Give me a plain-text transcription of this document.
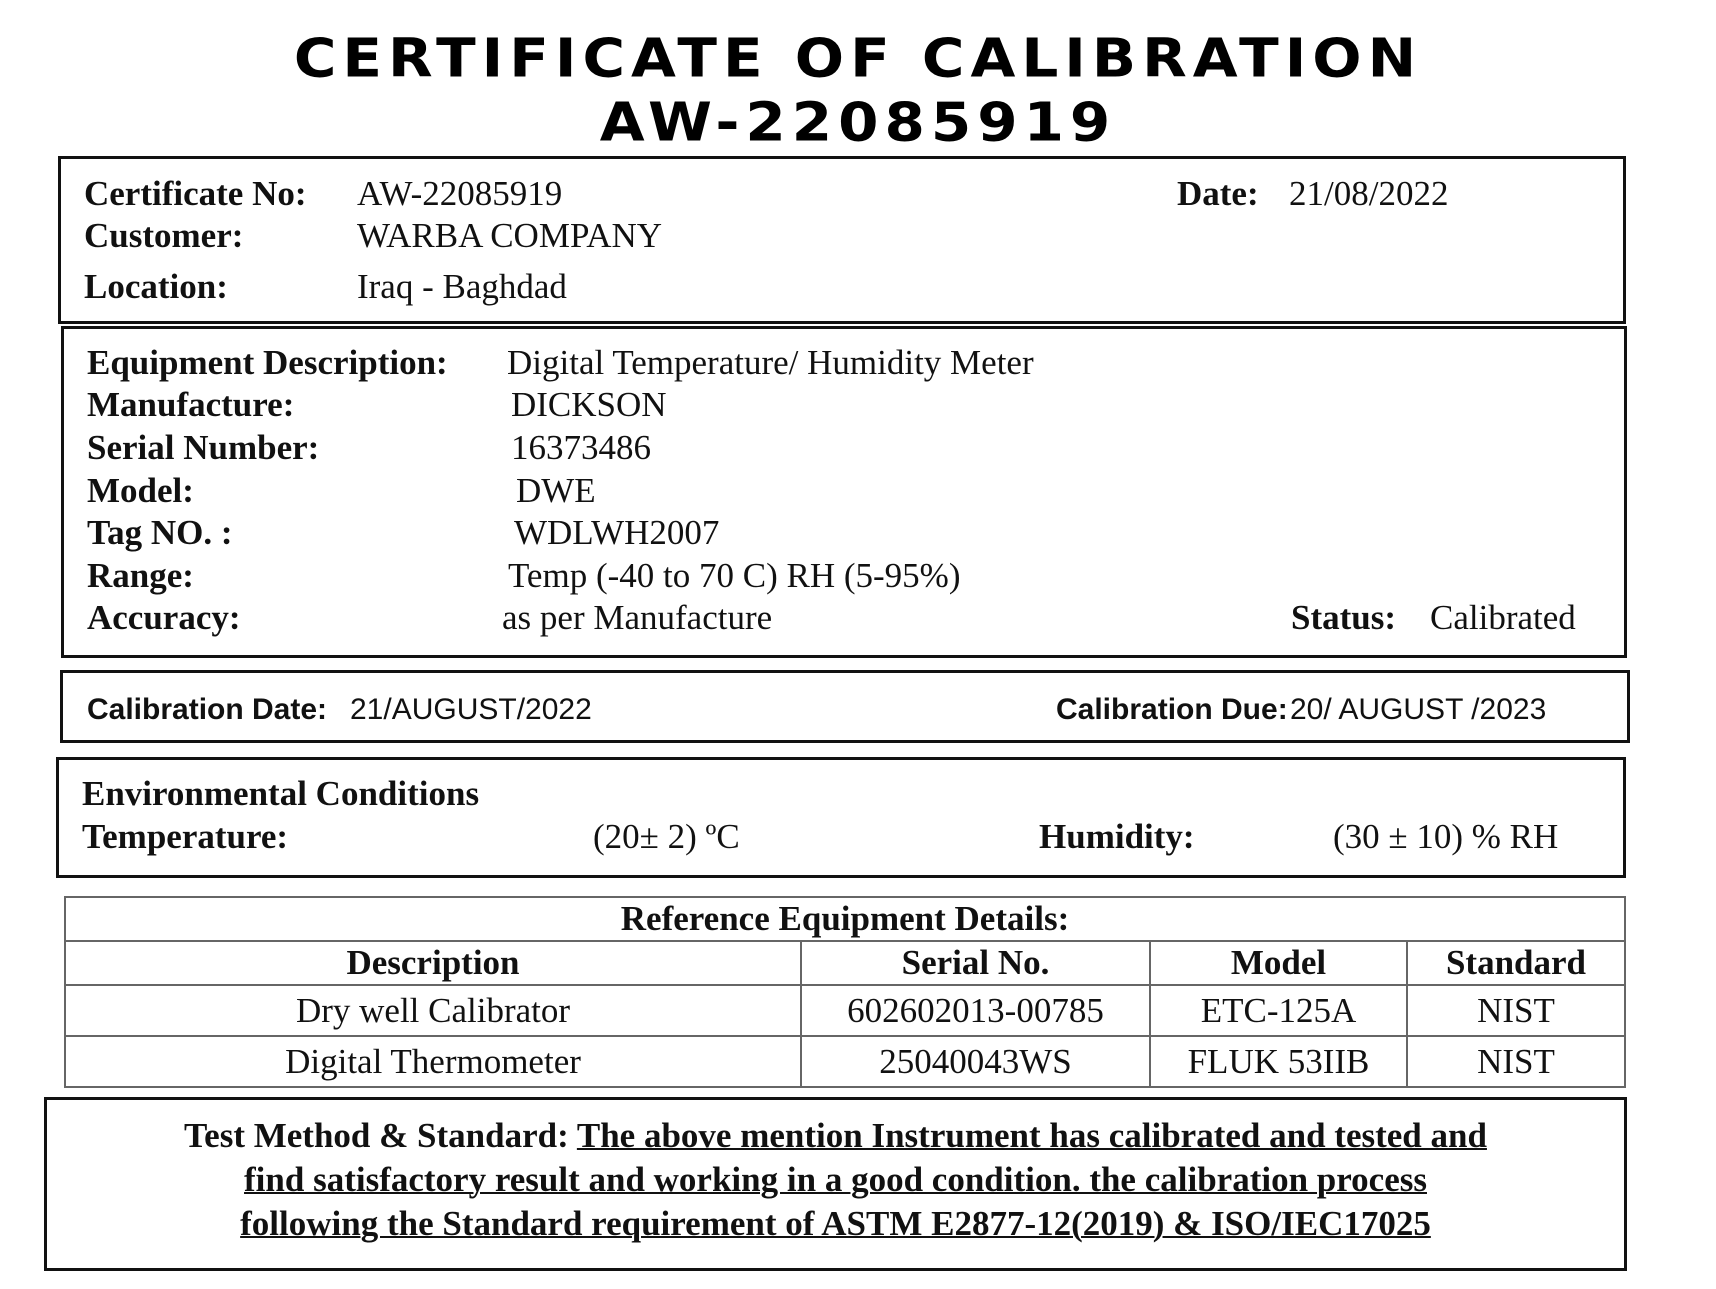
CERTIFICATE OF CALIBRATION
AW-22085919
Certificate No: AW-22085919	Date: 21/08/2022
Customer:	WARBA COMPANY
Location:	Iraq - Baghdad
Equipment Description: Digital Temperature/ Humidity Meter
Manufacture:	DICKSON
Serial Number:	16373486
Model:	DWE
Tag NO. :	WDLWH2007
Range:	Temp (-40 to 70 C) RH (5-95%)
Accuracy:	as per Manufacture	Status: Calibrated
Calibration Date: 21/AUGUST/2022	Calibration Due: 20/ AUGUST /2023
Environmental Conditions
Temperature:	(20± 2) ºC	Humidity:	(30 ± 10) % RH
Reference Equipment Details:			
Description	Serial No.	Model	Standard
Dry well Calibrator	602602013-00785	ETC-125A	NIST
Digital Thermometer	25040043WS	FLUK 53IIB	NIST
Test Method & Standard: The above mention Instrument has calibrated and tested and
find satisfactory result and working in a good condition. the calibration process
following the Standard requirement of ASTM E2877-12(2019) & ISO/IEC17025
